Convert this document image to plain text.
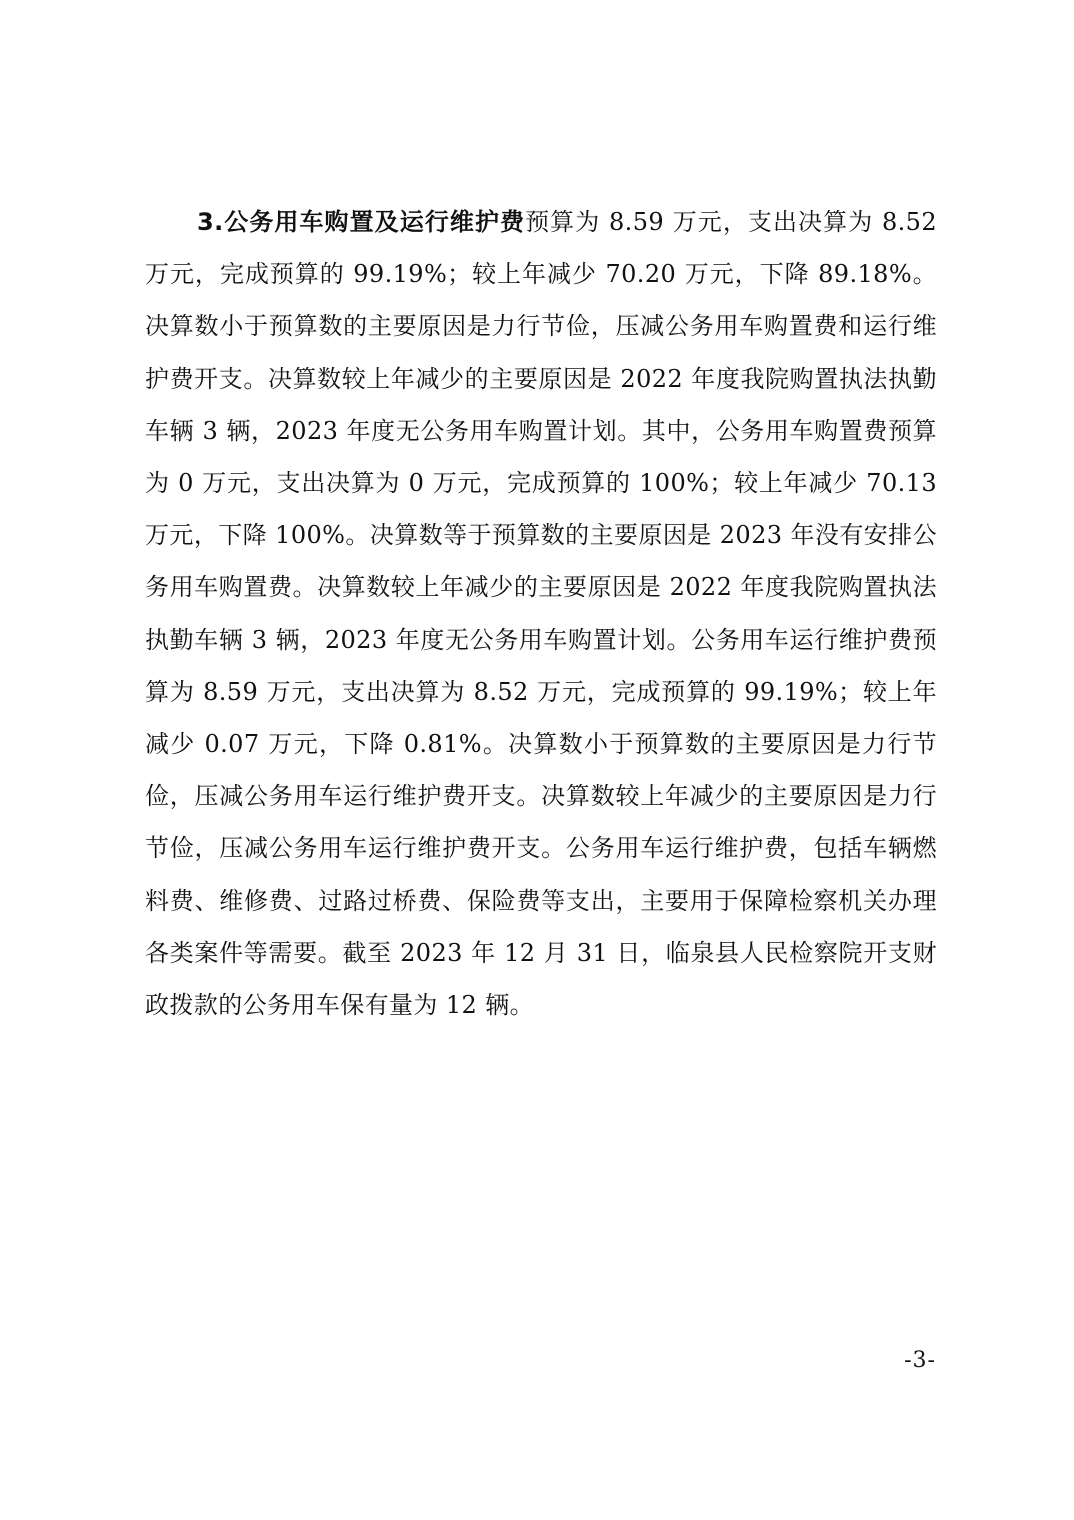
3.公务用车购置及运行维护费预算为 8.59 万元，支出决算为 8.52 万元，完成预算的 99.19%；较上年减少 70.20 万元，下降 89.18%。决算数小于预算数的主要原因是力行节俭，压减公务用车购置费和运行维护费开支。决算数较上年减少的主要原因是 2022 年度我院购置执法执勤车辆 3 辆，2023 年度无公务用车购置计划。其中，公务用车购置费预算为 0 万元，支出决算为 0 万元，完成预算的 100%；较上年减少 70.13 万元，下降 100%。决算数等于预算数的主要原因是 2023 年没有安排公务用车购置费。决算数较上年减少的主要原因是 2022 年度我院购置执法执勤车辆 3 辆，2023 年度无公务用车购置计划。公务用车运行维护费预算为 8.59 万元，支出决算为 8.52 万元，完成预算的 99.19%；较上年减少 0.07 万元，下降 0.81%。决算数小于预算数的主要原因是力行节俭，压减公务用车运行维护费开支。决算数较上年减少的主要原因是力行节俭，压减公务用车运行维护费开支。公务用车运行维护费，包括车辆燃料费、维修费、过路过桥费、保险费等支出，主要用于保障检察机关办理各类案件等需要。截至 2023 年 12 月 31 日，临泉县人民检察院开支财政拨款的公务用车保有量为 12 辆。

-3-
